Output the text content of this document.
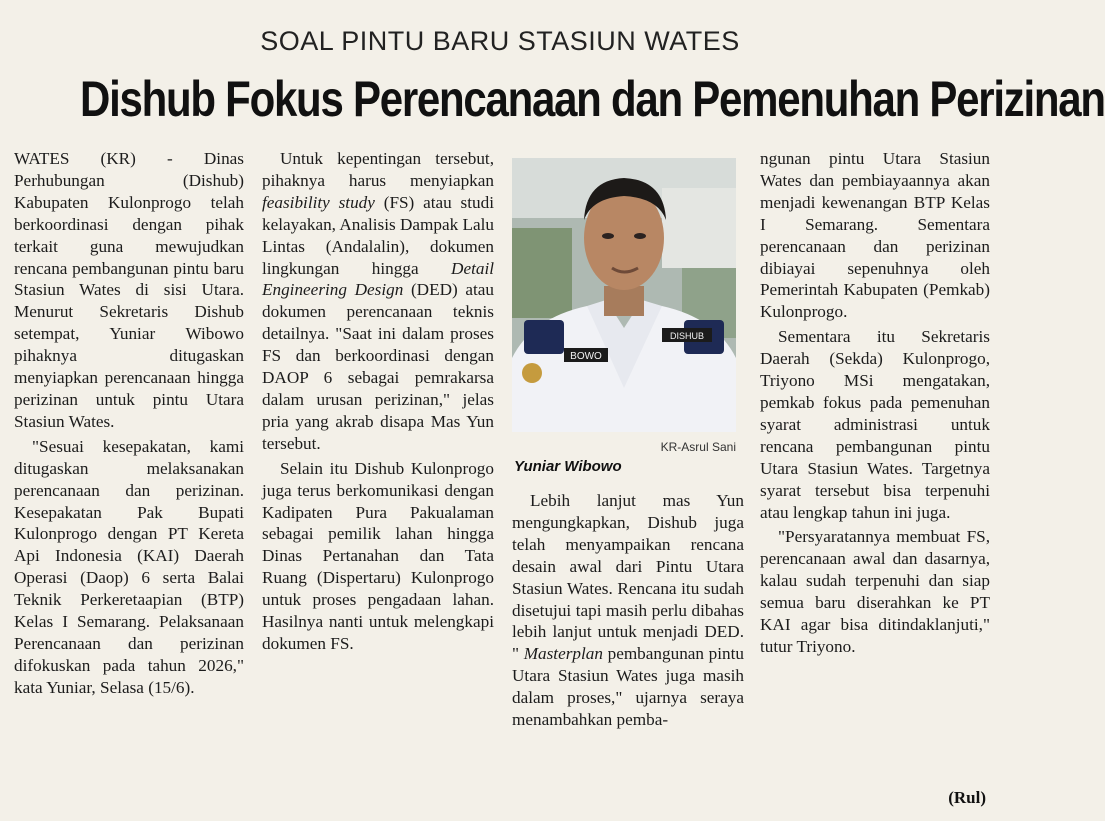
SOAL PINTU BARU STASIUN WATES
Dishub Fokus Perencanaan dan Pemenuhan Perizinan

WATES (KR) - Dinas Perhubungan (Dishub) Kabupaten Kulonprogo telah berkoordinasi dengan pihak terkait guna mewujudkan rencana pembangunan pintu baru Stasiun Wates di sisi Utara. Menurut Sekretaris Dishub setempat, Yuniar Wibowo pihaknya ditugaskan menyiapkan perencanaan hingga perizinan untuk pintu Utara Stasiun Wates.

"Sesuai kesepakatan, kami ditugaskan melaksanakan perencanaan dan perizinan. Kesepakatan Pak Bupati Kulonprogo dengan PT Kereta Api Indonesia (KAI) Daerah Operasi (Daop) 6 serta Balai Teknik Perkeretaapian (BTP) Kelas I Semarang. Pelaksanaan Perencanaan dan perizinan difokuskan pada tahun 2026," kata Yuniar, Selasa (15/6).

Untuk kepentingan tersebut, pihaknya harus menyiapkan feasibility study (FS) atau studi kelayakan, Analisis Dampak Lalu Lintas (Andalalin), dokumen lingkungan hingga Detail Engineering Design (DED) atau dokumen perencanaan teknis detailnya. "Saat ini dalam proses FS dan berkoordinasi dengan DAOP 6 sebagai pemrakarsa dalam urusan perizinan," jelas pria yang akrab disapa Mas Yun tersebut.

Selain itu Dishub Kulonprogo juga terus berkomunikasi dengan Kadipaten Pura Pakualaman sebagai pemilik lahan hingga Dinas Pertanahan dan Tata Ruang (Dispertaru) Kulonprogo untuk proses pengadaan lahan. Hasilnya nanti untuk melengkapi dokumen FS.

BOWO
DISHUB
KR-Asrul Sani
Yuniar Wibowo

Lebih lanjut mas Yun mengungkapkan, Dishub juga telah menyampaikan rencana desain awal dari Pintu Utara Stasiun Wates. Rencana itu sudah disetujui tapi masih perlu dibahas lebih lanjut untuk menjadi DED. " Masterplan pembangunan pintu Utara Stasiun Wates juga masih dalam proses," ujarnya seraya menambahkan pemba-

ngunan pintu Utara Stasiun Wates dan pembiayaannya akan menjadi kewenangan BTP Kelas I Semarang. Sementara perencanaan dan perizinan dibiayai sepenuhnya oleh Pemerintah Kabupaten (Pemkab) Kulonprogo.

Sementara itu Sekretaris Daerah (Sekda) Kulonprogo, Triyono MSi mengatakan, pemkab fokus pada pemenuhan syarat administrasi untuk rencana pembangunan pintu Utara Stasiun Wates. Targetnya syarat tersebut bisa terpenuhi atau lengkap tahun ini juga.

"Persyaratannya membuat FS, perencanaan awal dan dasarnya, kalau sudah terpenuhi dan siap semua baru diserahkan ke PT KAI agar bisa ditindaklanjuti," tutur Triyono.

(Rul)
